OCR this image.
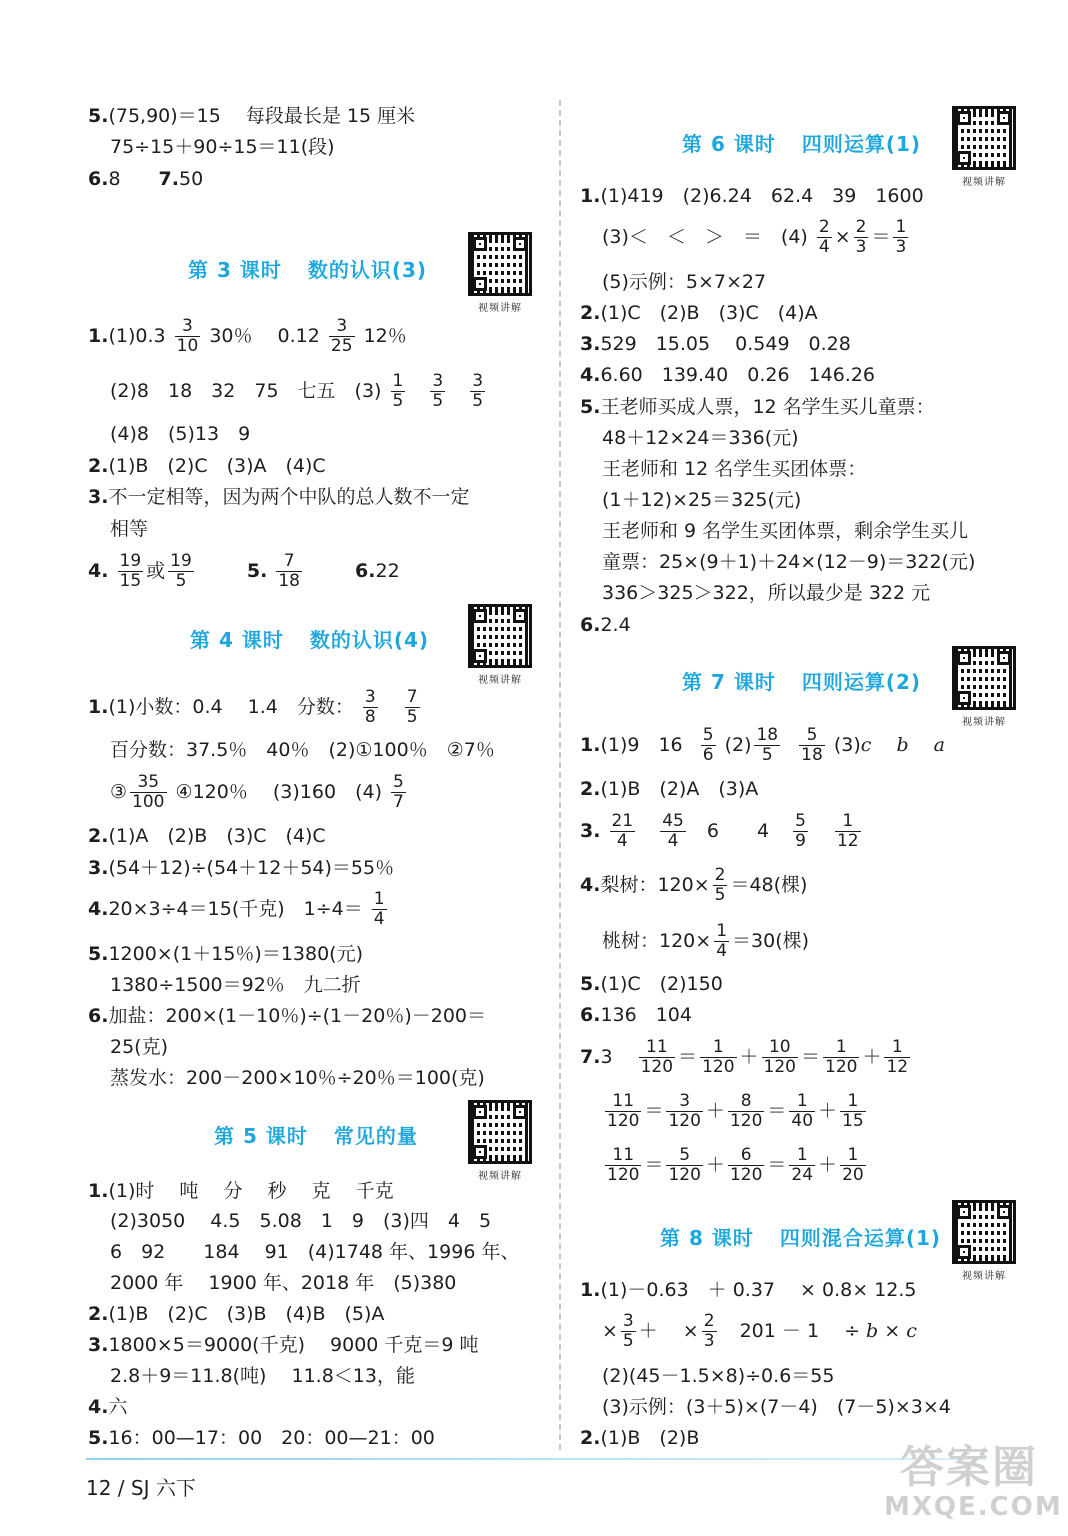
5.(75,90)＝15　 每段最长是 15 厘米
75÷15＋90÷15＝11(段)
6.8　　7.50
第 3 课时 数的认识(3)
视频讲解
$1.(1)0.3 \frac{3}{10} 30$％　 $0.12 \frac{3}{25} 12$％
(2)8　18　32　75　七五　$(3) \frac{1}{5}$
$\frac{3}{5}$
$\frac{3}{5}$
(4)8　(5)13　9
2.(1)B　(2)C　(3)A　(4)C
3.不一定相等，因为两个中队的总人数不一定
相等
4. $\frac{19}{15}$ 或 $\frac{19}{5}$	5. $\frac{7}{18}$	6.22
第 4 课时 数的认识(4)
视频讲解
1.(1)小数：0.4　 1.4　分数： $\frac{3}{8}$
$\frac{7}{5}$
百分数：37.5％　40％　(2)①100％　②7％
③ $\frac{35}{100}$ ④120％　 (3)160　$(4) \frac{5}{7}$
2.(1)A　(2)B　(3)C　(4)C
3.(54＋12)÷(54＋12＋54)＝55％
4.20×3÷4＝15(千克)　$1\div 4= \frac{1}{4}$
5.1200×(1＋15％)＝1380(元)
1380÷1500＝92％　九二折
6.加盐：200×(1－10％)÷(1－20％)－200＝
25(克)
蒸发水：200－200×10％÷20％＝100(克)
第 5 课时 常见的量
视频讲解
1.(1)时　 吨　 分　 秒　 克　 千克
(2)3050　 4.5　5.08　1　9　(3)四　4　5
6　92　　184　 91　(4)1748 年、1996 年、
2000 年　 1900 年、2018 年　(5)380
2.(1)B　(2)C　(3)B　(4)B　(5)A
3.1800×5＝9000(千克)　 9000 千克＝9 吨
2.8＋9＝11.8(吨)　 11.8＜13，能
4.六
5.16：00—17：00　20：00—21：00
第 6 课时 四则运算(1)
视频讲解
1.(1)419　(2)6.24　62.4　39　1600
(3)＜　＜　＞　＝　$(4) \frac{2}{4} \times \frac{2}{3} = \frac{1}{3}$
(5)示例：5×7×27
2.(1)C　(2)B　(3)C　(4)A
3.529　15.05　 0.549　0.28
4.6.60　139.40　0.26　146.26
5.王老师买成人票，12 名学生买儿童票：
48＋12×24＝336(元)
王老师和 12 名学生买团体票：
(1＋12)×25＝325(元)
王老师和 9 名学生买团体票，剩余学生买儿
童票：25×(9＋1)＋24×(12－9)＝322(元)
336＞325＞322，所以最少是 322 元
6.2.4
第 7 课时 四则运算(2)
视频讲解
1.(1)9　$16 \frac{5}{6} (2) \frac{18}{5}$
$\frac{5}{18} (3)c$　 b　 a
2.(1)B　(2)A　(3)A
3. $\frac{21}{4}$
$\frac{45}{4} 6$　　$4 \frac{5}{9}$
$\frac{1}{12}$
4.梨树：$120\times \frac{2}{5} =48$(棵)
桃树：$120\times \frac{1}{4} =30$(棵)
5.(1)C　(2)150
6.136　104
$7.3 \frac{11}{120} = \frac{1}{120} + \frac{10}{120} = \frac{1}{120} + \frac{1}{12}$
$\frac{11}{120} = \frac{3}{120} + \frac{8}{120} = \frac{1}{40} + \frac{1}{15}$
$\frac{11}{120} = \frac{5}{120} + \frac{6}{120} = \frac{1}{24} + \frac{1}{20}$
第 8 课时 四则混合运算(1)
视频讲解
1.(1)－0.63　＋ 0.37　 × 0.8× 12.5
× $\frac{3}{5}$ ＋　 × $\frac{2}{3} 201 - 1$　 ÷ b × c
(2)(45－1.5×8)÷0.6＝55
(3)示例：(3＋5)×(7－4)　(7－5)×3×4
2.(1)B　(2)B
12 / SJ 六下	答案圈
MXQE.COM
